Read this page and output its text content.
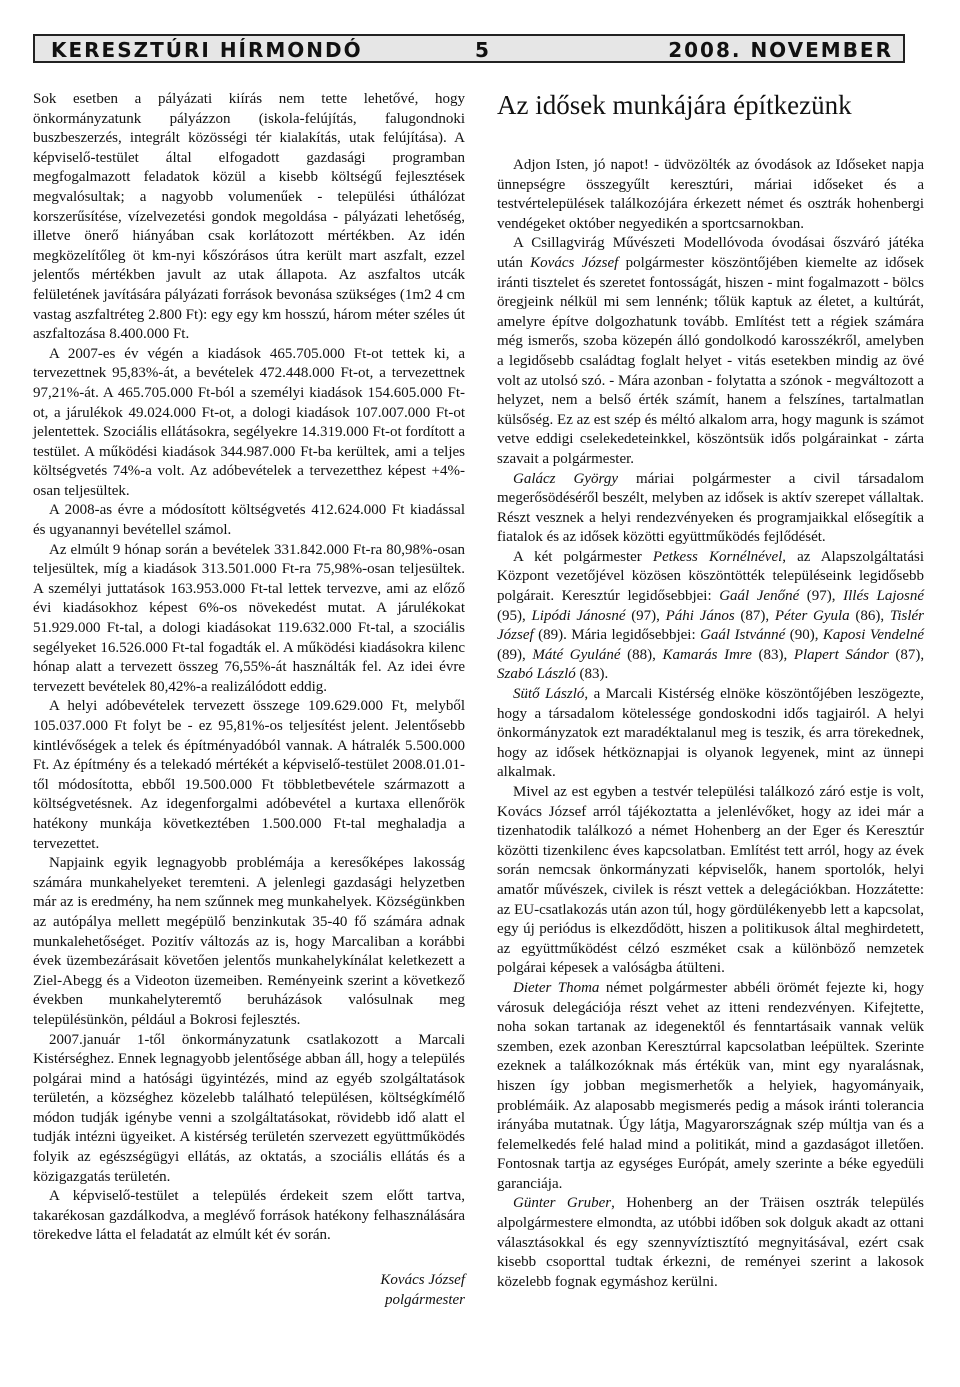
KERESZTÚRI HÍRMONDÓ	5	2008. NOVEMBER

Sok esetben a pályázati kiírás nem tette lehetővé, hogy önkormányzatunk pályázzon (iskola-felújítás, falugondnoki buszbeszerzés, integrált közösségi tér kialakítás, utak felújítása). A képviselő-testület által elfogadott gazdasági programban megfogalmazott feladatok közül a kisebb költségű fejlesztések megvalósultak; a nagyobb volumenűek - települési úthálózat korszerűsítése, vízelvezetési gondok megoldása - pályázati lehetőség, illetve önerő hiányában csak korlátozott mértékben. Az idén megközelítőleg öt km-nyi kőszórásos útra került mart aszfalt, ezzel jelentős mértékben javult az utak állapota. Az aszfaltos utcák felületének javítására pályázati források bevonása szükséges (1m2 4 cm vastag aszfaltréteg 2.800 Ft): egy egy km hosszú, három méter széles út aszfaltozása 8.400.000 Ft.

A 2007-es év végén a kiadások 465.705.000 Ft-ot tettek ki, a tervezettnek 95,83%-át, a bevételek 472.448.000 Ft-ot, a tervezettnek 97,21%-át. A 465.705.000 Ft-ból a személyi kiadások 154.605.000 Ft-ot, a járulékok 49.024.000 Ft-ot, a dologi kiadások 107.007.000 Ft-ot jelentettek. Szociális ellátásokra, segélyekre 14.319.000 Ft-ot fordított a testület. A működési kiadások 344.987.000 Ft-ba kerültek, ami a teljes költségvetés 74%-a volt. Az adóbevételek a tervezetthez képest +4%-osan teljesültek.

A 2008-as évre a módosított költségvetés 412.624.000 Ft kiadással és ugyanannyi bevétellel számol.

Az elmúlt 9 hónap során a bevételek 331.842.000 Ft-ra 80,98%-osan teljesültek, míg a kiadások 313.501.000 Ft-ra 75,98%-osan teljesültek. A személyi juttatások 163.953.000 Ft-tal lettek tervezve, ami az előző évi kiadásokhoz képest 6%-os növekedést mutat. A járulékokat 51.929.000 Ft-tal, a dologi kiadásokat 119.632.000 Ft-tal, a szociális segélyeket 16.526.000 Ft-tal fogadták el. A működési kiadásokra kilenc hónap alatt a tervezett összeg 76,55%-át használták fel. Az idei évre tervezett bevételek 80,42%-a realizálódott eddig.

A helyi adóbevételek tervezett összege 109.629.000 Ft, melyből 105.037.000 Ft folyt be - ez 95,81%-os teljesítést jelent. Jelentősebb kintlévőségek a telek és építményadóból vannak. A hátralék 5.500.000 Ft. Az építmény és a telekadó mértékét a képviselő-testület 2008.01.01-től módosította, ebből 19.500.000 Ft többletbevétele származott a költségvetésnek. Az idegenforgalmi adóbevétel a kurtaxa ellenőrök hatékony munkája következtében 1.500.000 Ft-tal meghaladja a tervezettet.

Napjaink egyik legnagyobb problémája a keresőképes lakosság számára munkahelyeket teremteni. A jelenlegi gazdasági helyzetben már az is eredmény, ha nem szűnnek meg munkahelyek. Községünkben az autópálya mellett megépülő benzinkutak 35-40 fő számára adnak munkalehetőséget. Pozitív változás az is, hogy Marcaliban a korábbi évek üzembezárásait követően jelentős munkahelykínálat keletkezett a Ziel-Abegg és a Videoton üzemeiben. Reményeink szerint a következő években munkahelyteremtő beruházások valósulnak meg településünkön, például a Bokrosi fejlesztés.

2007.január 1-től önkormányzatunk csatlakozott a Marcali Kistérséghez. Ennek legnagyobb jelentősége abban áll, hogy a település polgárai mind a hatósági ügyintézés, mind az egyéb szolgáltatások területén, a községhez közelebb található településen, költségkímélő módon tudják igénybe venni a szolgáltatásokat, rövidebb idő alatt el tudják intézni ügyeiket. A kistérség területén szervezett együttműködés folyik az egészségügyi ellátás, az oktatás, a szociális ellátás és a közigazgatás területén.

A képviselő-testület a település érdekeit szem előtt tartva, takarékosan gazdálkodva, a meglévő források hatékony felhasználására törekedve látta el feladatát az elmúlt két év során.

Kovács József
polgármester
Az idősek munkájára építkezünk

Adjon Isten, jó napot! - üdvözölték az óvodások az Időseket napja ünnepségre összegyűlt keresztúri, máriai időseket és a testvértelepülések találkozójára érkezett német és osztrák hohenbergi vendégeket október negyedikén a sportcsarnokban.

A Csillagvirág Művészeti Modellóvoda óvodásai őszváró játéka után Kovács József polgármester köszöntőjében kiemelte az idősek iránti tisztelet és szeretet fontosságát, hiszen - mint fogalmazott - bölcs öregjeink nélkül mi sem lennénk; tőlük kaptuk az életet, a kultúrát, amelyre építve dolgozhatunk tovább. Említést tett a régiek számára még ismerős, szoba közepén álló gondolkodó karosszékről, amelyben a legidősebb családtag foglalt helyet - vitás esetekben mindig az övé volt az utolsó szó. - Mára azonban - folytatta a szónok - megváltozott a helyzet, nem a belső érték számít, hanem a felszínes, tartalmatlan külsőség. Ez az est szép és méltó alkalom arra, hogy magunk is számot vetve eddigi cselekedeteinkkel, köszöntsük idős polgárainkat - zárta szavait a polgármester.

Galácz György máriai polgármester a civil társadalom megerősödéséről beszélt, melyben az idősek is aktív szerepet vállaltak. Részt vesznek a helyi rendezvényeken és programjaikkal elősegítik a fiatalok és az idősek közötti együttműködés fejlődését.

A két polgármester Petkess Kornélnével, az Alapszolgáltatási Központ vezetőjével közösen köszöntötték településeink legidősebb polgárait. Keresztúr legidősebbjei: Gaál Jenőné (97), Illés Lajosné (95), Lipódi Jánosné (97), Páhi János (87), Péter Gyula (86), Tislér József (89). Mária legidősebbjei: Gaál Istvánné (90), Kaposi Vendelné (89), Máté Gyuláné (88), Kamarás Imre (83), Plapert Sándor (87), Szabó László (83).

Sütő László, a Marcali Kistérség elnöke köszöntőjében leszögezte, hogy a társadalom kötelessége gondoskodni idős tagjairól. A helyi önkormányzatok ezt maradéktalanul meg is teszik, és arra törekednek, hogy az idősek hétköznapjai is olyanok legyenek, mint az ünnepi alkalmak.

Mivel az est egyben a testvér települési találkozó záró estje is volt, Kovács József arról tájékoztatta a jelenlévőket, hogy az idei már a tizenhatodik találkozó a német Hohenberg an der Eger és Keresztúr közötti tizenkilenc éves kapcsolatban. Említést tett arról, hogy az évek során nemcsak önkormányzati képviselők, hanem sportolók, helyi amatőr művészek, civilek is részt vettek a delegációkban. Hozzátette: az EU-csatlakozás után azon túl, hogy gördülékenyebb lett a kapcsolat, egy új periódus is elkezdődött, hiszen a politikusok által meghirdetett, az együttműködést célzó eszméket csak a különböző nemzetek polgárai képesek a valóságba átülteni.

Dieter Thoma német polgármester abbéli örömét fejezte ki, hogy városuk delegációja részt vehet az itteni rendezvényen. Kifejtette, noha sokan tartanak az idegenektől és fenntartásaik vannak velük szemben, ezek azonban Keresztúrral kapcsolatban leépültek. Szerinte ezeknek a találkozóknak más értékük van, mint egy nyaralásnak, hiszen így jobban megismerhetők a helyiek, hagyományaik, problémáik. Az alaposabb megismerés pedig a mások iránti tolerancia irányába mutatnak. Úgy látja, Magyarországnak szép múltja van és a felemelkedés felé halad mind a politikát, mind a gazdaságot illetően. Fontosnak tartja az egységes Európát, amely szerinte a béke egyedüli garanciája.

Günter Gruber, Hohenberg an der Träisen osztrák település alpolgármestere elmondta, az utóbbi időben sok dolguk akadt az ottani választásokkal és egy szennyvíztisztító megnyitásával, ezért csak kisebb csoporttal tudtak érkezni, de reményei szerint a lakosok közelebb fognak egymáshoz kerülni.
